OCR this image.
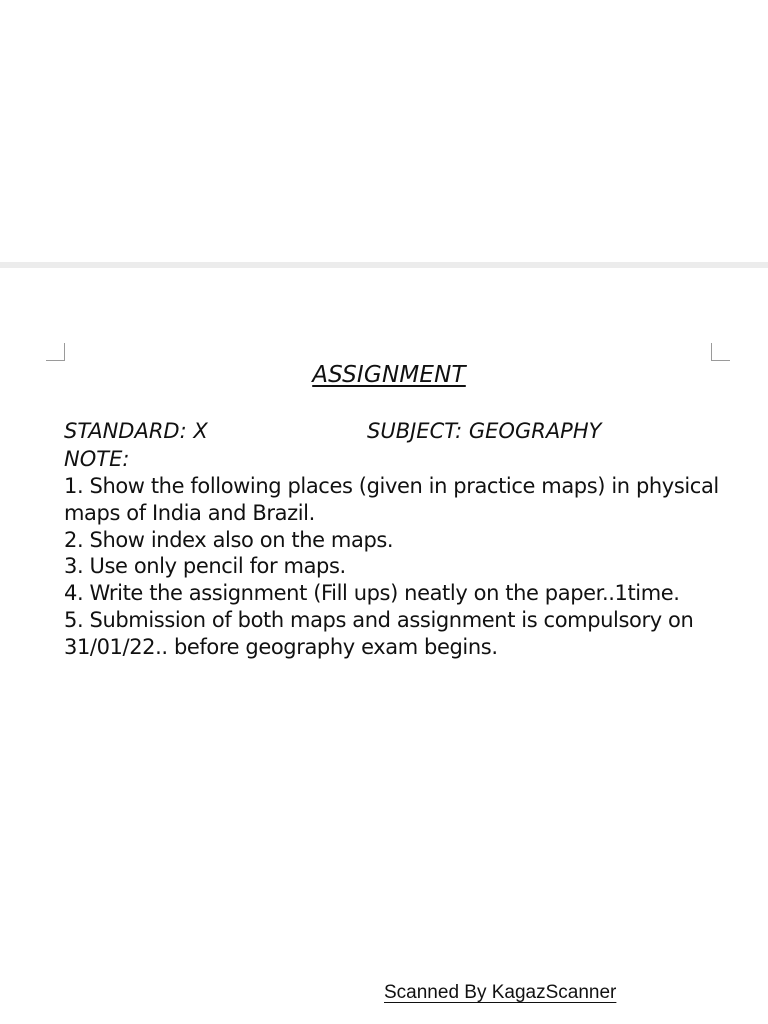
ASSIGNMENT
STANDARD: X	SUBJECT: GEOGRAPHY
NOTE:

1. Show the following places (given in practice maps) in physical maps of India and Brazil.

2. Show index also on the maps.

3. Use only pencil for maps.

4. Write the assignment (Fill ups) neatly on the paper..1time.

5. Submission of both maps and assignment is compulsory on 31/01/22.. before geography exam begins.

Scanned By KagazScanner
